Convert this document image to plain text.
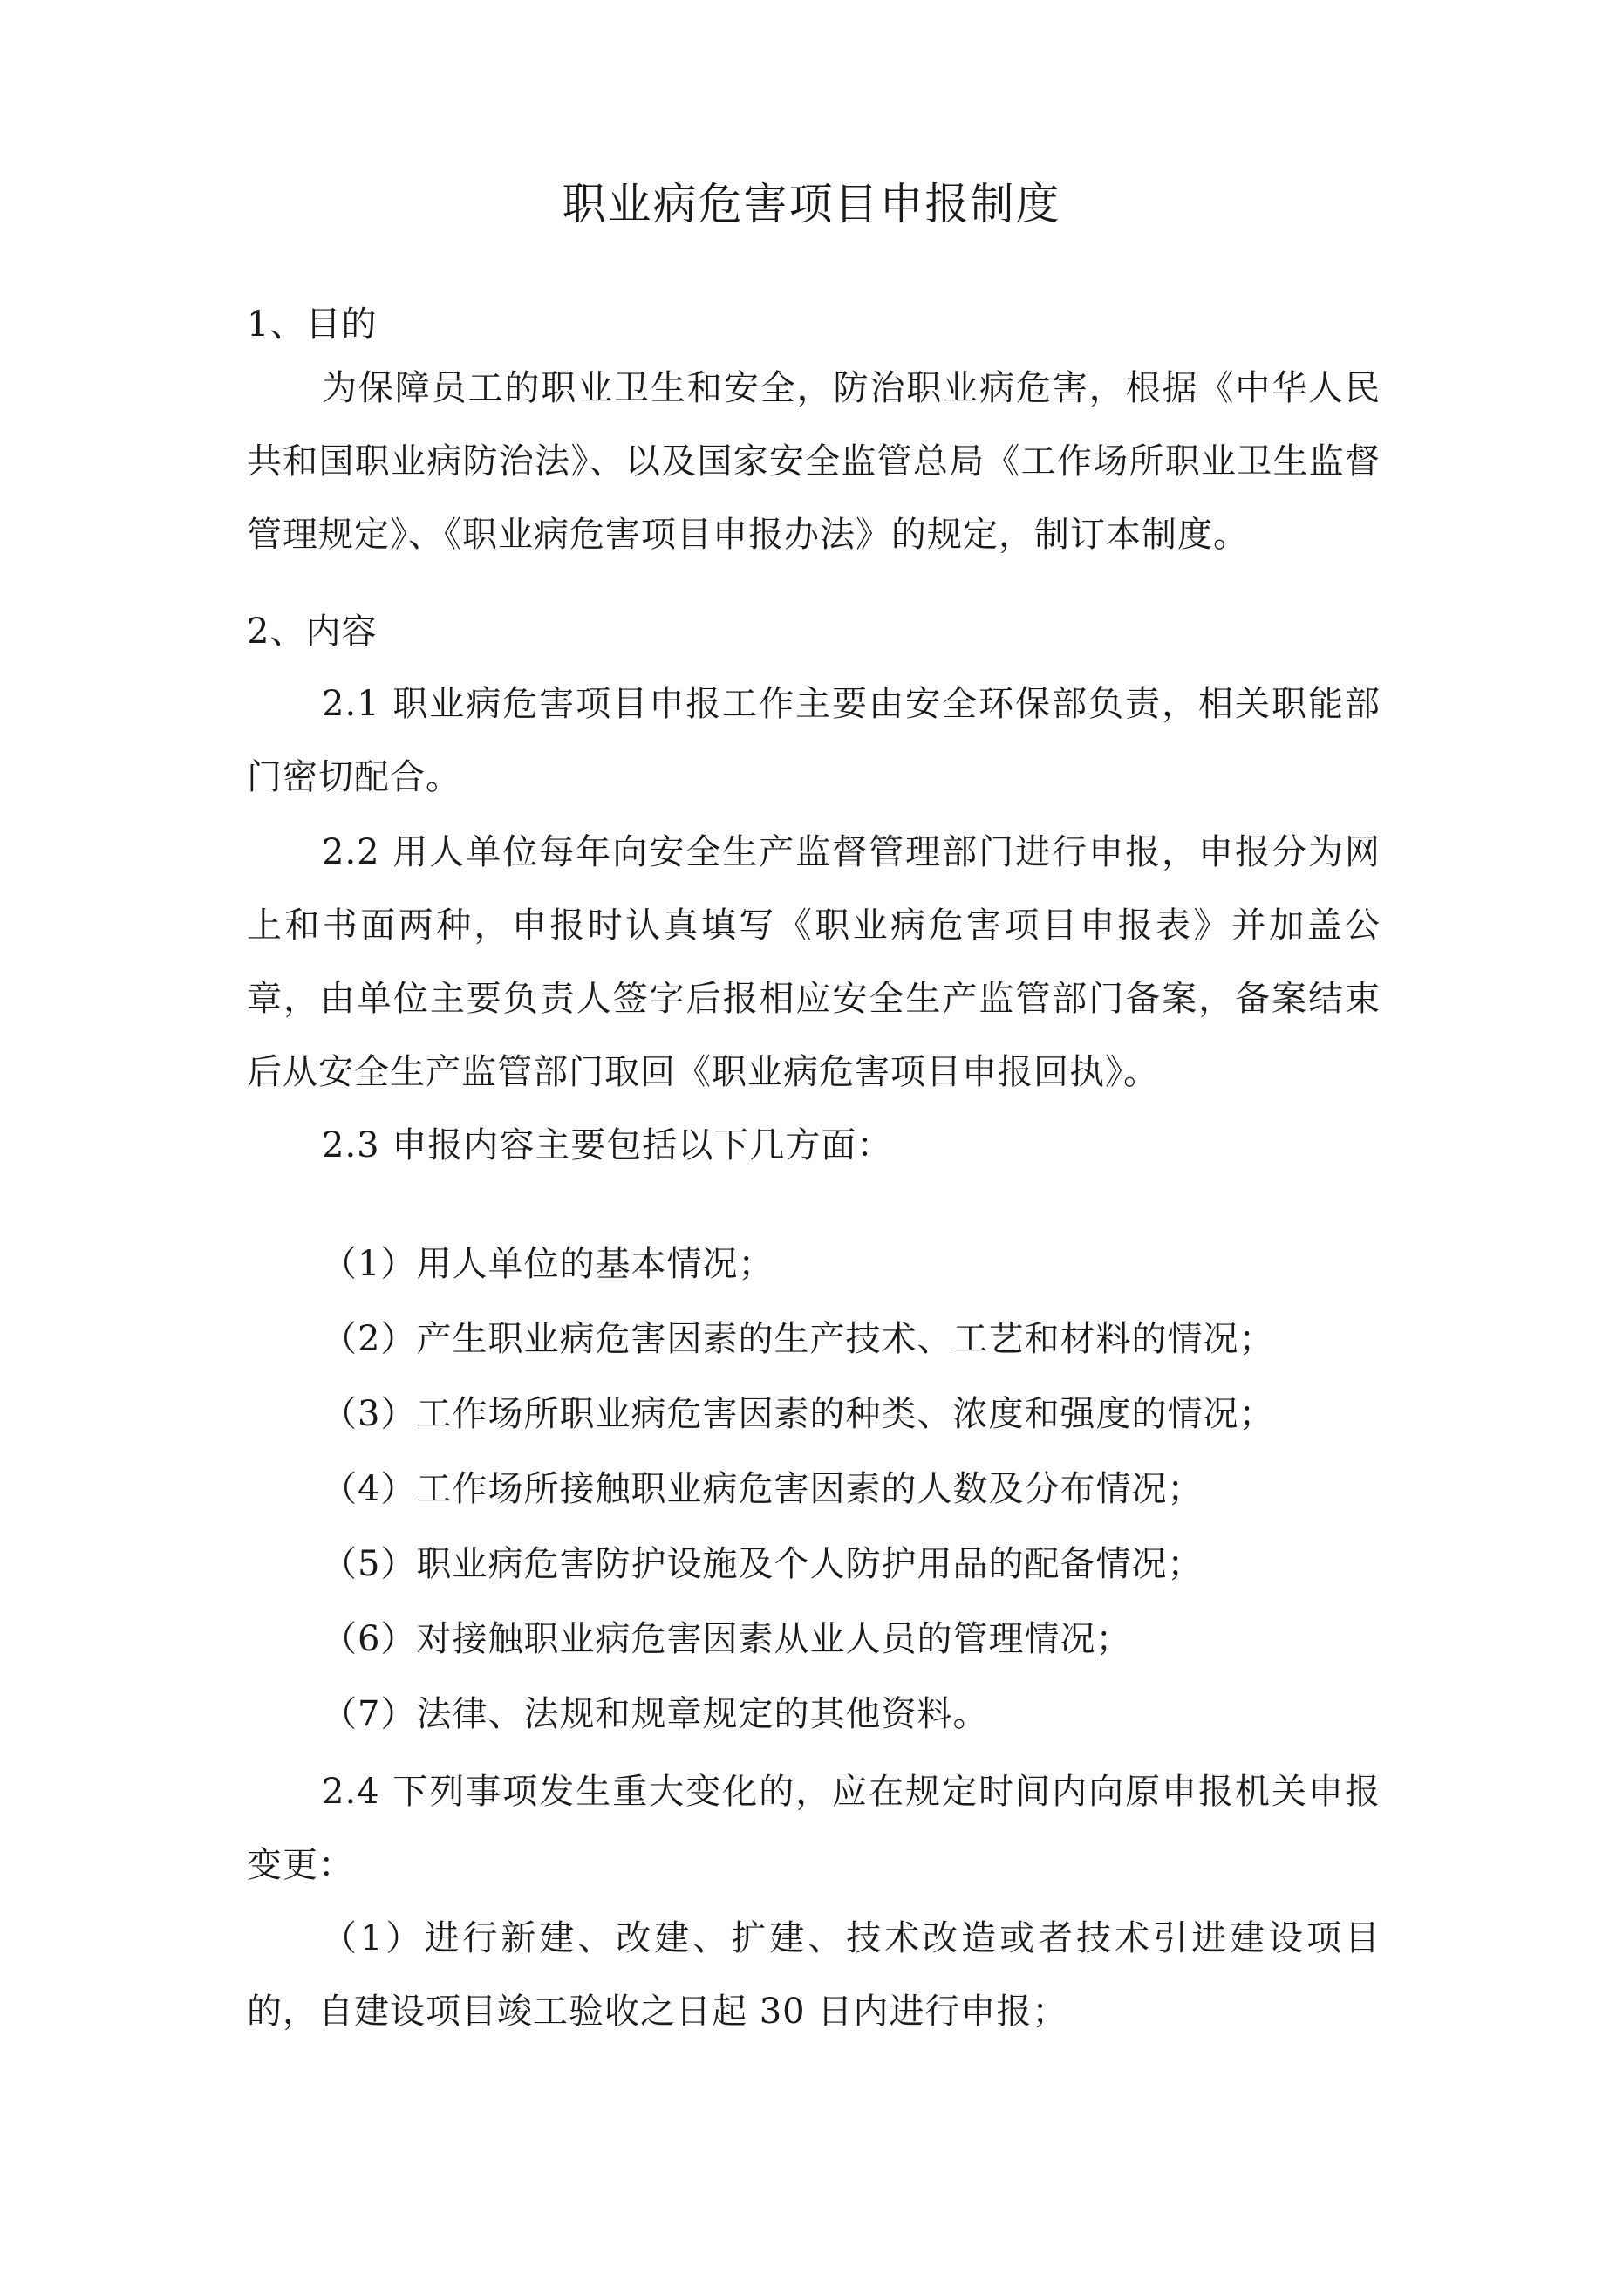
职业病危害项目申报制度

1、目的

为保障员工的职业卫生和安全，防治职业病危害，根据《中华人民共和国职业病防治法》、以及国家安全监管总局《工作场所职业卫生监督管理规定》、《职业病危害项目申报办法》的规定，制订本制度。

2、内容

2.1 职业病危害项目申报工作主要由安全环保部负责，相关职能部门密切配合。

2.2 用人单位每年向安全生产监督管理部门进行申报，申报分为网上和书面两种，申报时认真填写《职业病危害项目申报表》并加盖公章，由单位主要负责人签字后报相应安全生产监管部门备案，备案结束后从安全生产监管部门取回《职业病危害项目申报回执》。

2.3 申报内容主要包括以下几方面：

（1）用人单位的基本情况；

（2）产生职业病危害因素的生产技术、工艺和材料的情况；

（3）工作场所职业病危害因素的种类、浓度和强度的情况；

（4）工作场所接触职业病危害因素的人数及分布情况；

（5）职业病危害防护设施及个人防护用品的配备情况；

（6）对接触职业病危害因素从业人员的管理情况；

（7）法律、法规和规章规定的其他资料。

2.4 下列事项发生重大变化的，应在规定时间内向原申报机关申报变更：

（1）进行新建、改建、扩建、技术改造或者技术引进建设项目的，自建设项目竣工验收之日起 30 日内进行申报；
